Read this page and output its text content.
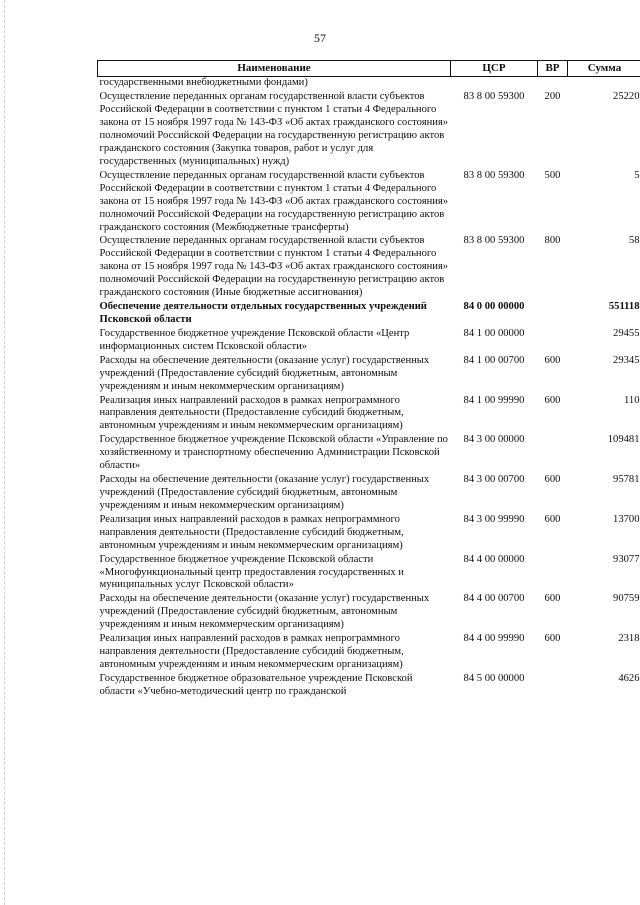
57
Наименование	ЦСР	ВР	Сумма
государственными внебюджетными фондами)			
Осуществление переданных органам государственной власти субъектов Российской Федерации в соответствии с пунктом 1 статьи 4 Федерального закона от 15 ноября 1997 года № 143-ФЗ «Об актах гражданского состояния» полномочий Российской Федерации на государственную регистрацию актов гражданского состояния (Закупка товаров, работ и услуг для государственных (муниципальных) нужд)	83 8 00 59300	200	25220
Осуществление переданных органам государственной власти субъектов Российской Федерации в соответствии с пунктом 1 статьи 4 Федерального закона от 15 ноября 1997 года № 143-ФЗ «Об актах гражданского состояния» полномочий Российской Федерации на государственную регистрацию актов гражданского состояния (Межбюджетные трансферты)	83 8 00 59300	500	5
Осуществление переданных органам государственной власти субъектов Российской Федерации в соответствии с пунктом 1 статьи 4 Федерального закона от 15 ноября 1997 года № 143-ФЗ «Об актах гражданского состояния» полномочий Российской Федерации на государственную регистрацию актов гражданского состояния (Иные бюджетные ассигнования)	83 8 00 59300	800	58
Обеспечение деятельности отдельных государственных учреждений Псковской области	84 0 00 00000		551118
Государственное бюджетное учреждение Псковской области «Центр информационных систем Псковской области»	84 1 00 00000		29455
Расходы на обеспечение деятельности (оказание услуг) государственных учреждений (Предоставление субсидий бюджетным, автономным учреждениям и иным некоммерческим организациям)	84 1 00 00700	600	29345
Реализация иных направлений расходов в рамках непрограммного направления деятельности (Предоставление субсидий бюджетным, автономным учреждениям и иным некоммерческим организациям)	84 1 00 99990	600	110
Государственное бюджетное учреждение Псковской области «Управление по хозяйственному и транспортному обеспечению Администрации Псковской области»	84 3 00 00000		109481
Расходы на обеспечение деятельности (оказание услуг) государственных учреждений (Предоставление субсидий бюджетным, автономным учреждениям и иным некоммерческим организациям)	84 3 00 00700	600	95781
Реализация иных направлений расходов в рамках непрограммного направления деятельности (Предоставление субсидий бюджетным, автономным учреждениям и иным некоммерческим организациям)	84 3 00 99990	600	13700
Государственное бюджетное учреждение Псковской области «Многофункциональный центр предоставления государственных и муниципальных услуг Псковской области»	84 4 00 00000		93077
Расходы на обеспечение деятельности (оказание услуг) государственных учреждений (Предоставление субсидий бюджетным, автономным учреждениям и иным некоммерческим организациям)	84 4 00 00700	600	90759
Реализация иных направлений расходов в рамках непрограммного направления деятельности (Предоставление субсидий бюджетным, автономным учреждениям и иным некоммерческим организациям)	84 4 00 99990	600	2318
Государственное бюджетное образовательное учреждение Псковской области «Учебно-методический центр по гражданской	84 5 00 00000		4626
